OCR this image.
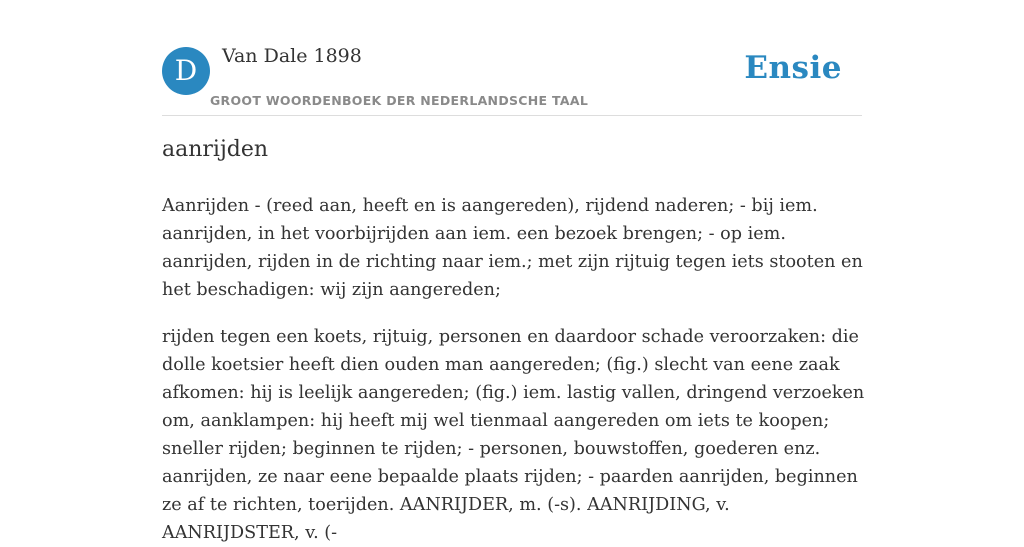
D	Van Dale 1898
GROOT WOORDENBOEK DER NEDERLANDSCHE TAAL
Ensie
aanrijden

Aanrijden - (reed aan, heeft en is aangereden), rijdend naderen; - bij iem. aanrijden, in het voorbijrijden aan iem. een bezoek brengen; - op iem. aanrijden, rijden in de richting naar iem.; met zijn rijtuig tegen iets stooten en het beschadigen: wij zijn aangereden;

rijden tegen een koets, rijtuig, personen en daardoor schade veroorzaken: die dolle koetsier heeft dien ouden man aangereden; (fig.) slecht van eene zaak afkomen: hij is leelijk aangereden; (fig.) iem. lastig vallen, dringend verzoeken om, aanklampen: hij heeft mij wel tienmaal aangereden om iets te koopen; sneller rijden; beginnen te rijden; - personen, bouwstoffen, goederen enz. aanrijden, ze naar eene bepaalde plaats rijden; - paarden aanrijden, beginnen ze af te richten, toerijden. AANRIJDER, m. (-s). AANRIJDING, v. AANRIJDSTER, v. (-
